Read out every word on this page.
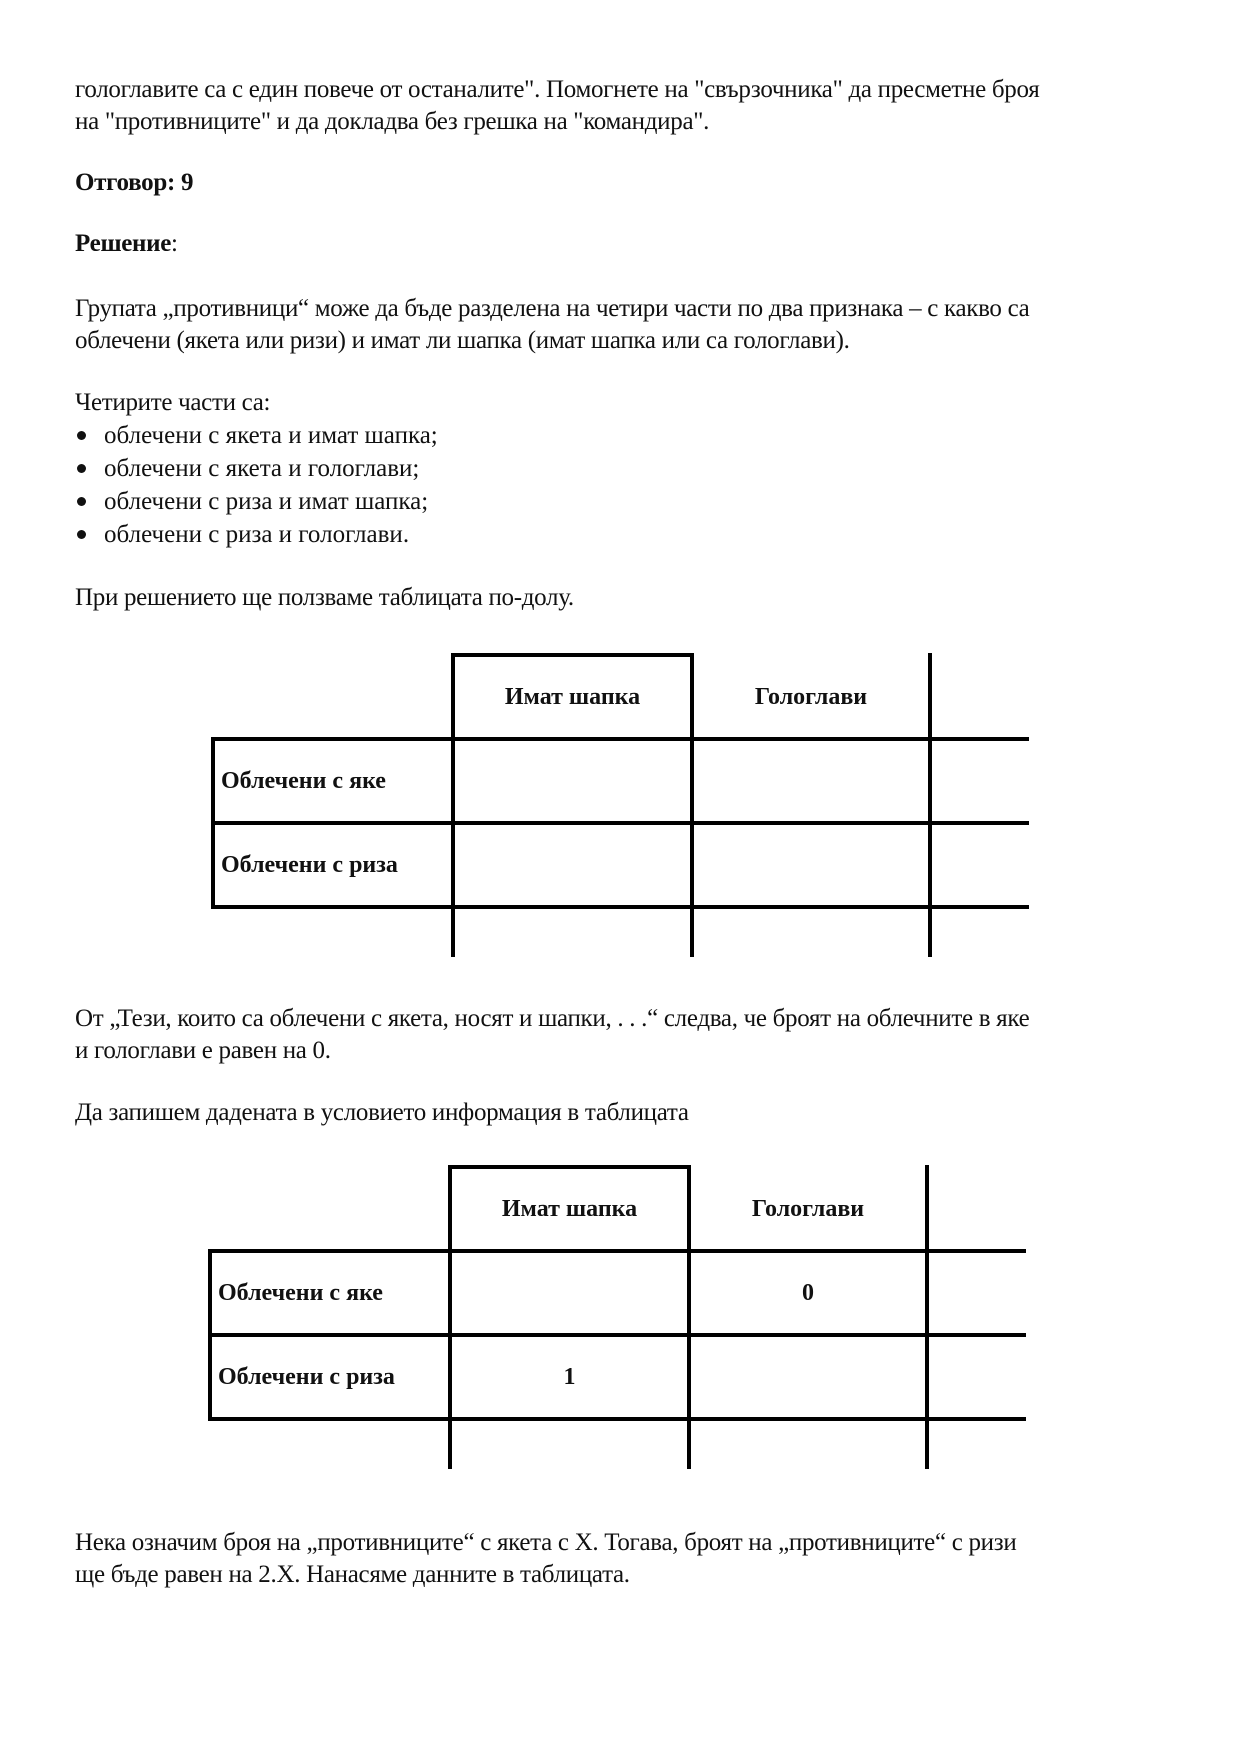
гологлавите са с един повече от останалите". Помогнете на "свързочника" да пресметне броя
на "противниците" и да докладва без грешка на "командира".
Отговор: 9
Решение:
Групата „противници“ може да бъде разделена на четири части по два признака – с какво са
облечени (якета или ризи) и имат ли шапка (имат шапка или са гологлави).
Четирите части са:
облечени с якета и имат шапка;
облечени с якета и гологлави;
облечени с риза и имат шапка;
облечени с риза и гологлави.
При решението ще ползваме таблицата по-долу.
Имат шапка	Гологлави
Облечени с яке
Облечени с риза
От „Тези, които са облечени с якета, носят и шапки, . . .“ следва, че броят на облечните в яке
и гологлави е равен на 0.
Да запишем дадената в условието информация в таблицата
Имат шапка	Гологлави
Облечени с яке
Облечени с риза
0
1
Нека означим броя на „противниците“ с якета с X. Тогава, броят на „противниците“ с ризи
ще бъде равен на 2.X. Нанасяме данните в таблицата.
